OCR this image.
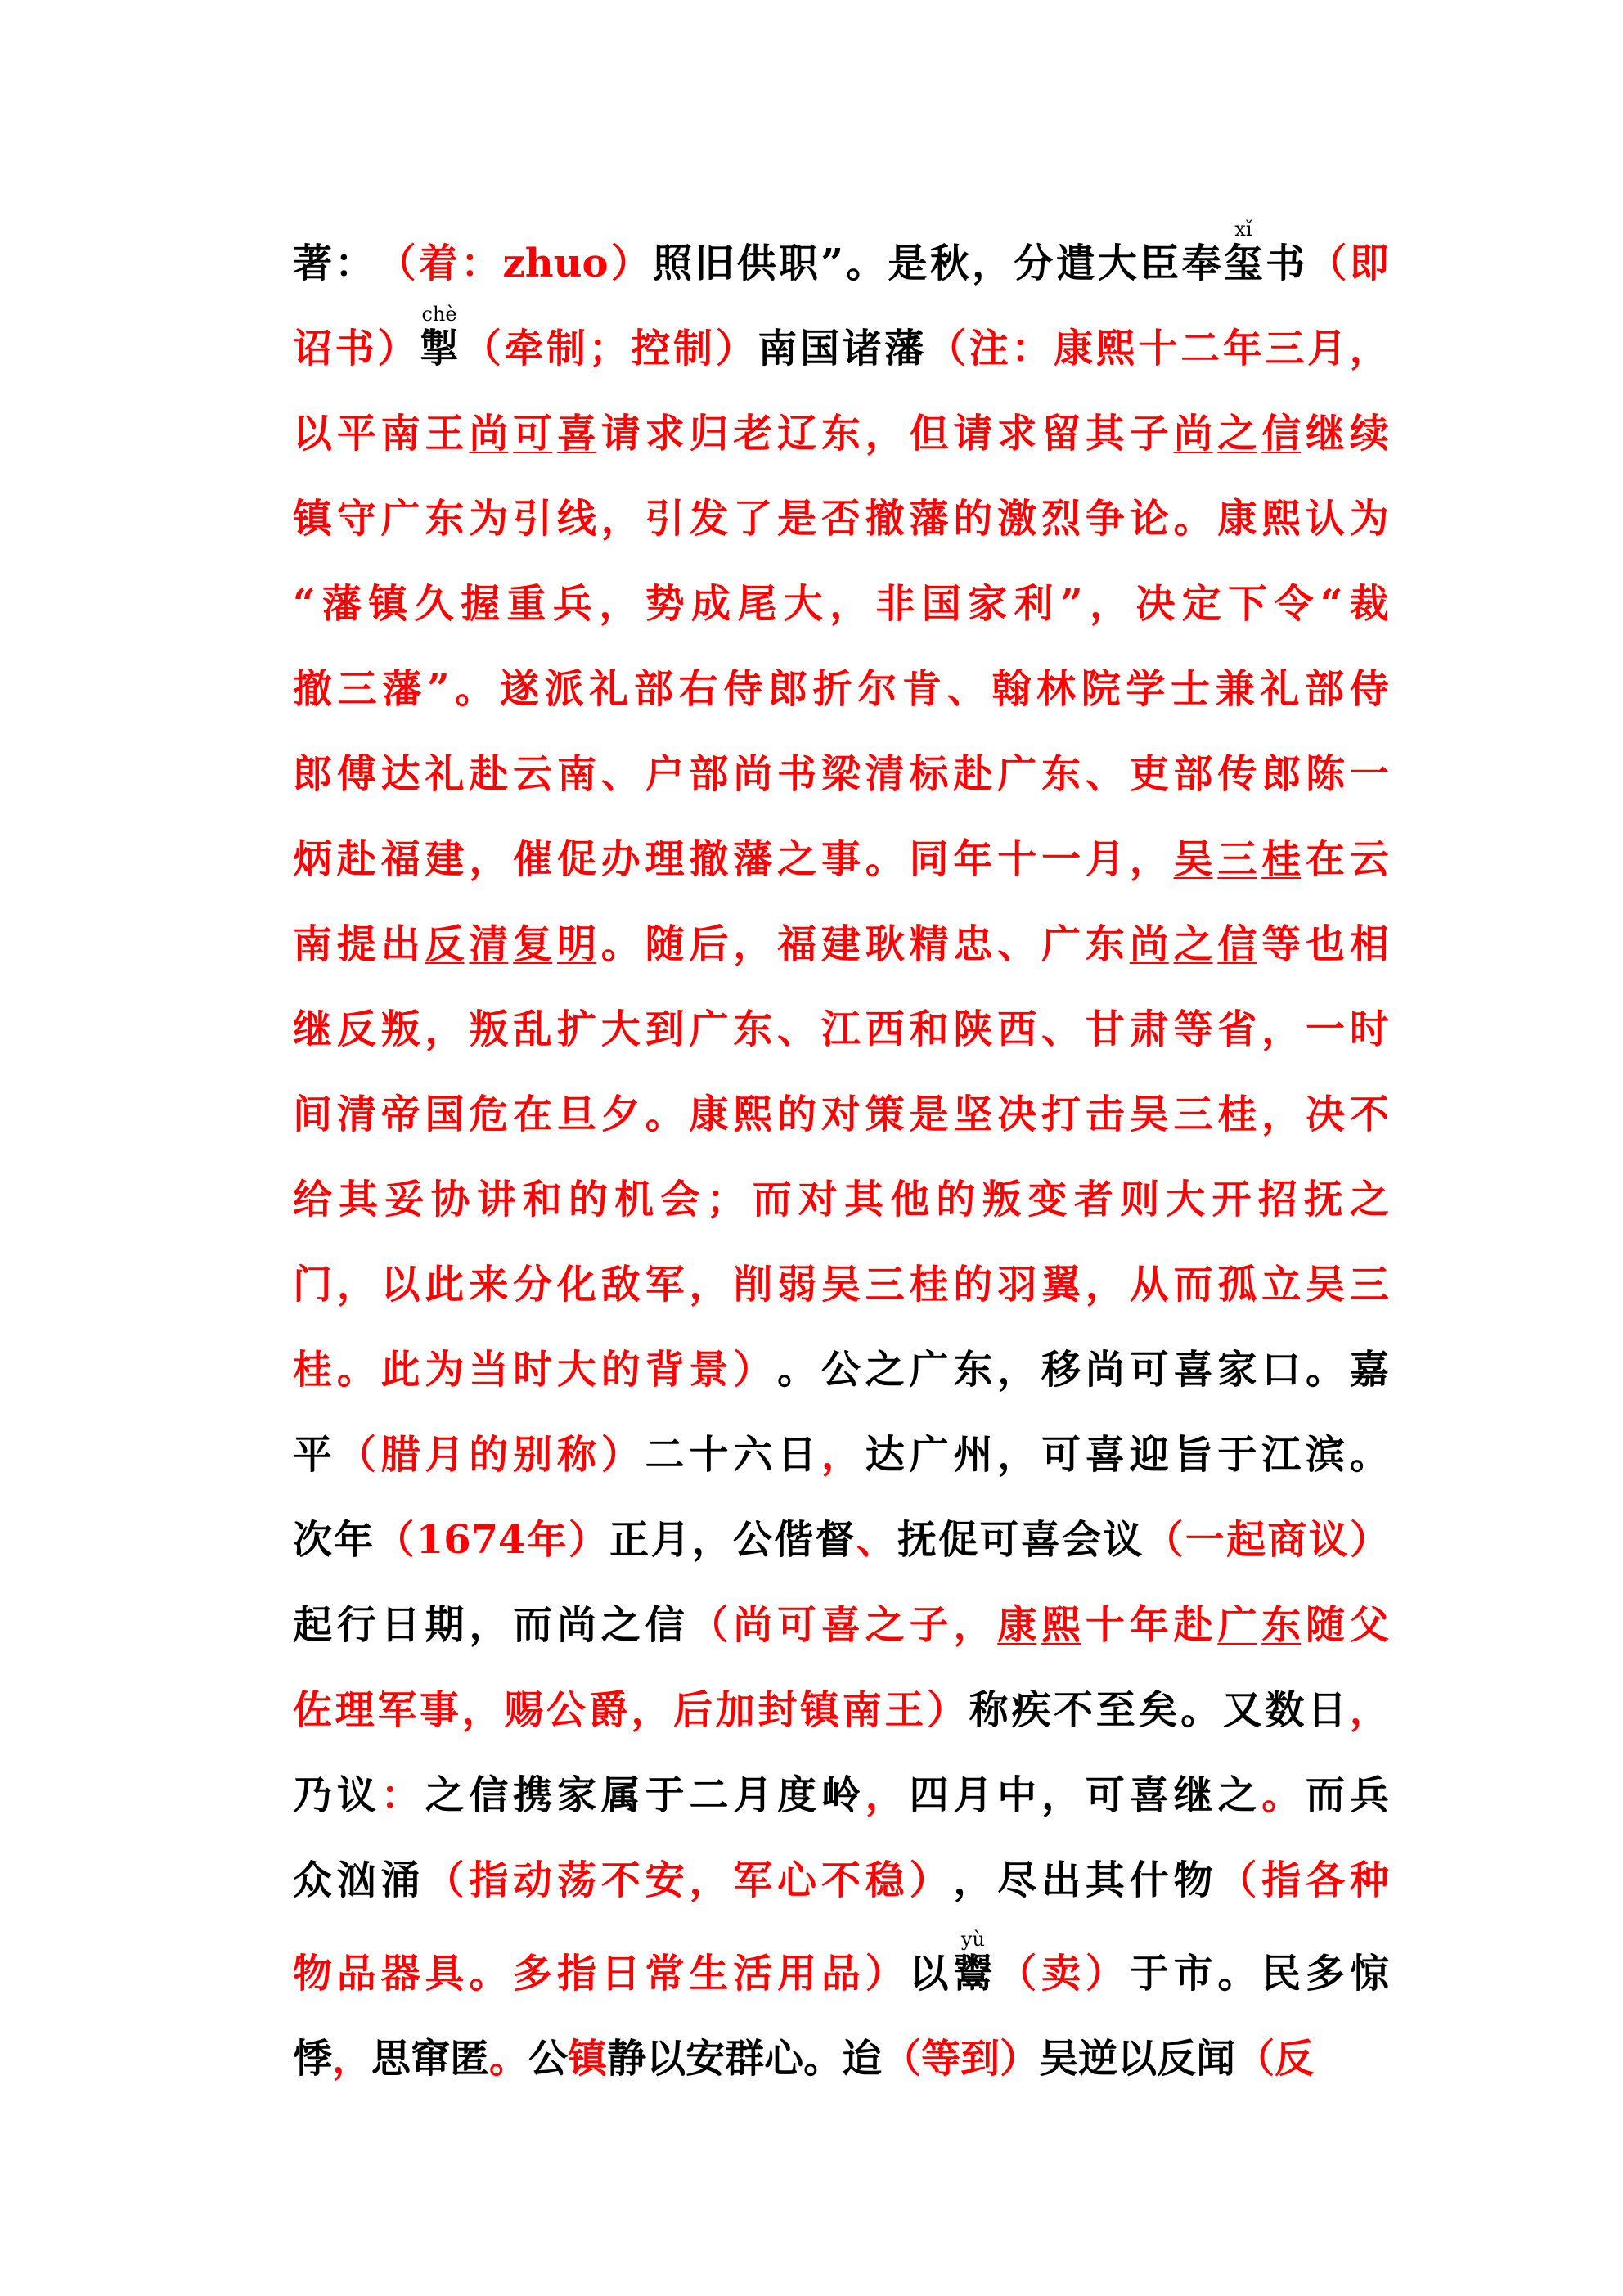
著 ： （ 着 ： zhuo ） 照 旧 供 职 ” 。 是 秋 ， 分 遣 大 臣 奉
xǐ
玺 书 （ 即
诏 书 ）
chè
掣 （ 牵 制 ； 控 制 ） 南 国 诸 藩 （ 注 ： 康 熙 十 二 年 三 月 ，
以 平 南 王 尚 可 喜 请 求 归 老 辽 东 ， 但 请 求 留 其 子 尚 之 信 继 续
镇 守 广 东 为 引 线 ， 引 发 了 是 否 撤 藩 的 激 烈 争 论 。 康 熙 认 为
“ 藩 镇 久 握 重 兵 ， 势 成 尾 大 ， 非 国 家 利 ” ， 决 定 下 令 “ 裁
撤 三 藩 ” 。 遂 派 礼 部 右 侍 郎 折 尔 肯 、 翰 林 院 学 士 兼 礼 部 侍
郎 傅 达 礼 赴 云 南 、 户 部 尚 书 梁 清 标 赴 广 东 、 吏 部 传 郎 陈 一
炳 赴 福 建 ， 催 促 办 理 撤 藩 之 事 。 同 年 十 一 月 ， 吴 三 桂 在 云
南 提 出 反 清 复 明 。 随 后 ， 福 建 耿 精 忠 、 广 东 尚 之 信 等 也 相
继 反 叛 ， 叛 乱 扩 大 到 广 东 、 江 西 和 陕 西 、 甘 肃 等 省 ， 一 时
间 清 帝 国 危 在 旦 夕 。 康 熙 的 对 策 是 坚 决 打 击 吴 三 桂 ， 决 不
给 其 妥 协 讲 和 的 机 会 ； 而 对 其 他 的 叛 变 者 则 大 开 招 抚 之
门 ， 以 此 来 分 化 敌 军 ， 削 弱 吴 三 桂 的 羽 翼 ， 从 而 孤 立 吴 三
桂 。 此 为 当 时 大 的 背 景 ） 。 公 之 广 东 ， 移 尚 可 喜 家 口 。 嘉
平 （ 腊 月 的 别 称 ） 二 十 六 日 ， 达 广 州 ， 可 喜 迎 旨 于 江 滨 。
次 年 （ 1674 年 ） 正 月 ， 公 偕 督 、 抚 促 可 喜 会 议 （ 一 起 商 议 ）
起 行 日 期 ， 而 尚 之 信 （ 尚 可 喜 之 子 ， 康 熙 十 年 赴 广 东 随 父
佐 理 军 事 ， 赐 公 爵 ， 后 加 封 镇 南 王 ） 称 疾 不 至 矣 。 又 数 日 ，
乃 议 ： 之 信 携 家 属 于 二 月 度 岭 ， 四 月 中 ， 可 喜 继 之 。 而 兵
众 汹 涌 （ 指 动 荡 不 安 ， 军 心 不 稳 ） ， 尽 出 其 什 物 （ 指 各 种
物 品 器 具 。 多 指 日 常 生 活 用 品 ） 以
yù
鬻 （ 卖 ） 于 市 。 民 多 惊
悸 ， 思窜匿 。 公 镇 静以安群心。迨 （等到） 吴逆以反闻 （反
